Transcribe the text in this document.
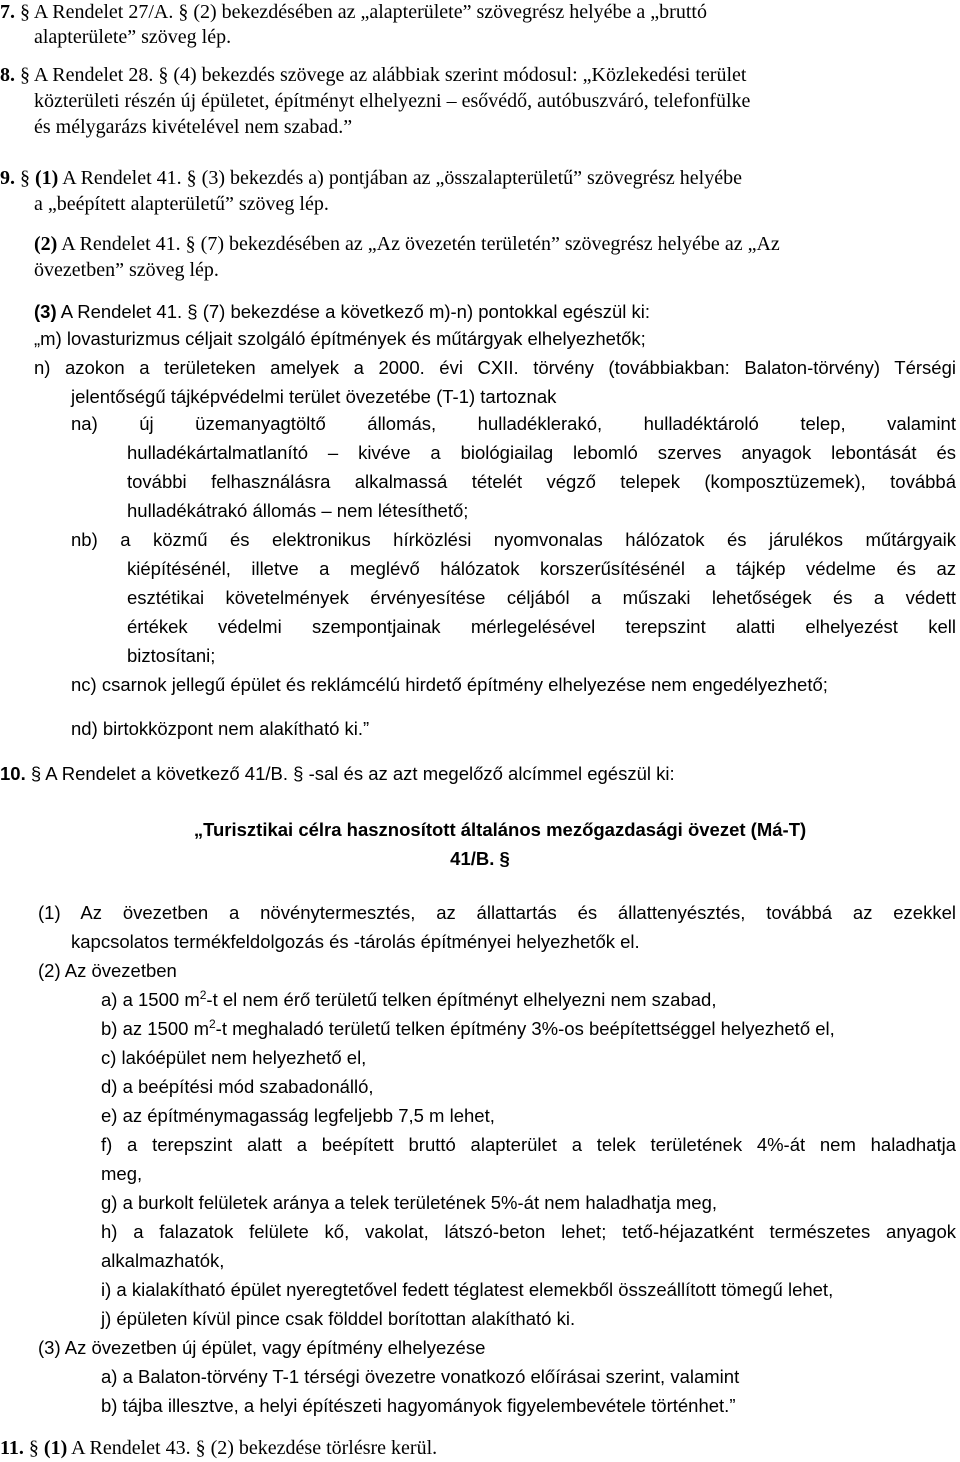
7. § A Rendelet 27/A. § (2) bekezdésében az „alapterülete” szövegrész helyébe a „bruttó
alapterülete” szöveg lép.
8. § A Rendelet 28. § (4) bekezdés szövege az alábbiak szerint módosul: „Közlekedési terület
közterületi részén új épületet, építményt elhelyezni – esővédő, autóbuszváró, telefonfülke
és mélygarázs kivételével nem szabad.”
9. § (1) A Rendelet 41. § (3) bekezdés a) pontjában az „összalapterületű” szövegrész helyébe
a „beépített alapterületű” szöveg lép.
(2) A Rendelet 41. § (7) bekezdésében az „Az övezetén területén” szövegrész helyébe az „Az
övezetben” szöveg lép.
(3) A Rendelet 41. § (7) bekezdése a következő m)-n) pontokkal egészül ki:
„m) lovasturizmus céljait szolgáló építmények és műtárgyak elhelyezhetők;
n) azokon a területeken amelyek a 2000. évi CXII. törvény (továbbiakban: Balaton-törvény) Térségi
jelentőségű tájképvédelmi terület övezetébe (T-1) tartoznak
na) új üzemanyagtöltő állomás, hulladéklerakó, hulladéktároló telep, valamint
hulladékártalmatlanító – kivéve a biológiailag lebomló szerves anyagok lebontását és
további felhasználásra alkalmassá tételét végző telepek (komposztüzemek), továbbá
hulladékátrakó állomás – nem létesíthető;
nb) a közmű és elektronikus hírközlési nyomvonalas hálózatok és járulékos műtárgyaik
kiépítésénél, illetve a meglévő hálózatok korszerűsítésénél a tájkép védelme és az
esztétikai követelmények érvényesítése céljából a műszaki lehetőségek és a védett
értékek védelmi szempontjainak mérlegelésével terepszint alatti elhelyezést kell
biztosítani;
nc) csarnok jellegű épület és reklámcélú hirdető építmény elhelyezése nem engedélyezhető;
nd) birtokközpont nem alakítható ki.”
10. § A Rendelet a következő 41/B. § -sal és az azt megelőző alcímmel egészül ki:
„Turisztikai célra hasznosított általános mezőgazdasági övezet (Má-T)
41/B. §
(1) Az övezetben a növénytermesztés, az állattartás és állattenyésztés, továbbá az ezekkel
kapcsolatos termékfeldolgozás és -tárolás építményei helyezhetők el.
(2) Az övezetben
a) a 1500 $m^2-t$ el nem érő területű telken építményt elhelyezni nem szabad,
b) az 1500 $m^2-t$ meghaladó területű telken építmény 3%-os beépítettséggel helyezhető el,
c) lakóépület nem helyezhető el,
d) a beépítési mód szabadonálló,
e) az építménymagasság legfeljebb 7,5 m lehet,
f) a terepszint alatt a beépített bruttó alapterület a telek területének 4%-át nem haladhatja
meg,
g) a burkolt felületek aránya a telek területének 5%-át nem haladhatja meg,
h) a falazatok felülete kő, vakolat, látszó-beton lehet; tető-héjazatként természetes anyagok
alkalmazhatók,
i) a kialakítható épület nyeregtetővel fedett téglatest elemekből összeállított tömegű lehet,
j) épületen kívül pince csak földdel borítottan alakítható ki.
(3) Az övezetben új épület, vagy építmény elhelyezése
a) a Balaton-törvény T-1 térségi övezetre vonatkozó előírásai szerint, valamint
b) tájba illesztve, a helyi építészeti hagyományok figyelembevétele történhet.”
11. § (1) A Rendelet 43. § (2) bekezdése törlésre kerül.
